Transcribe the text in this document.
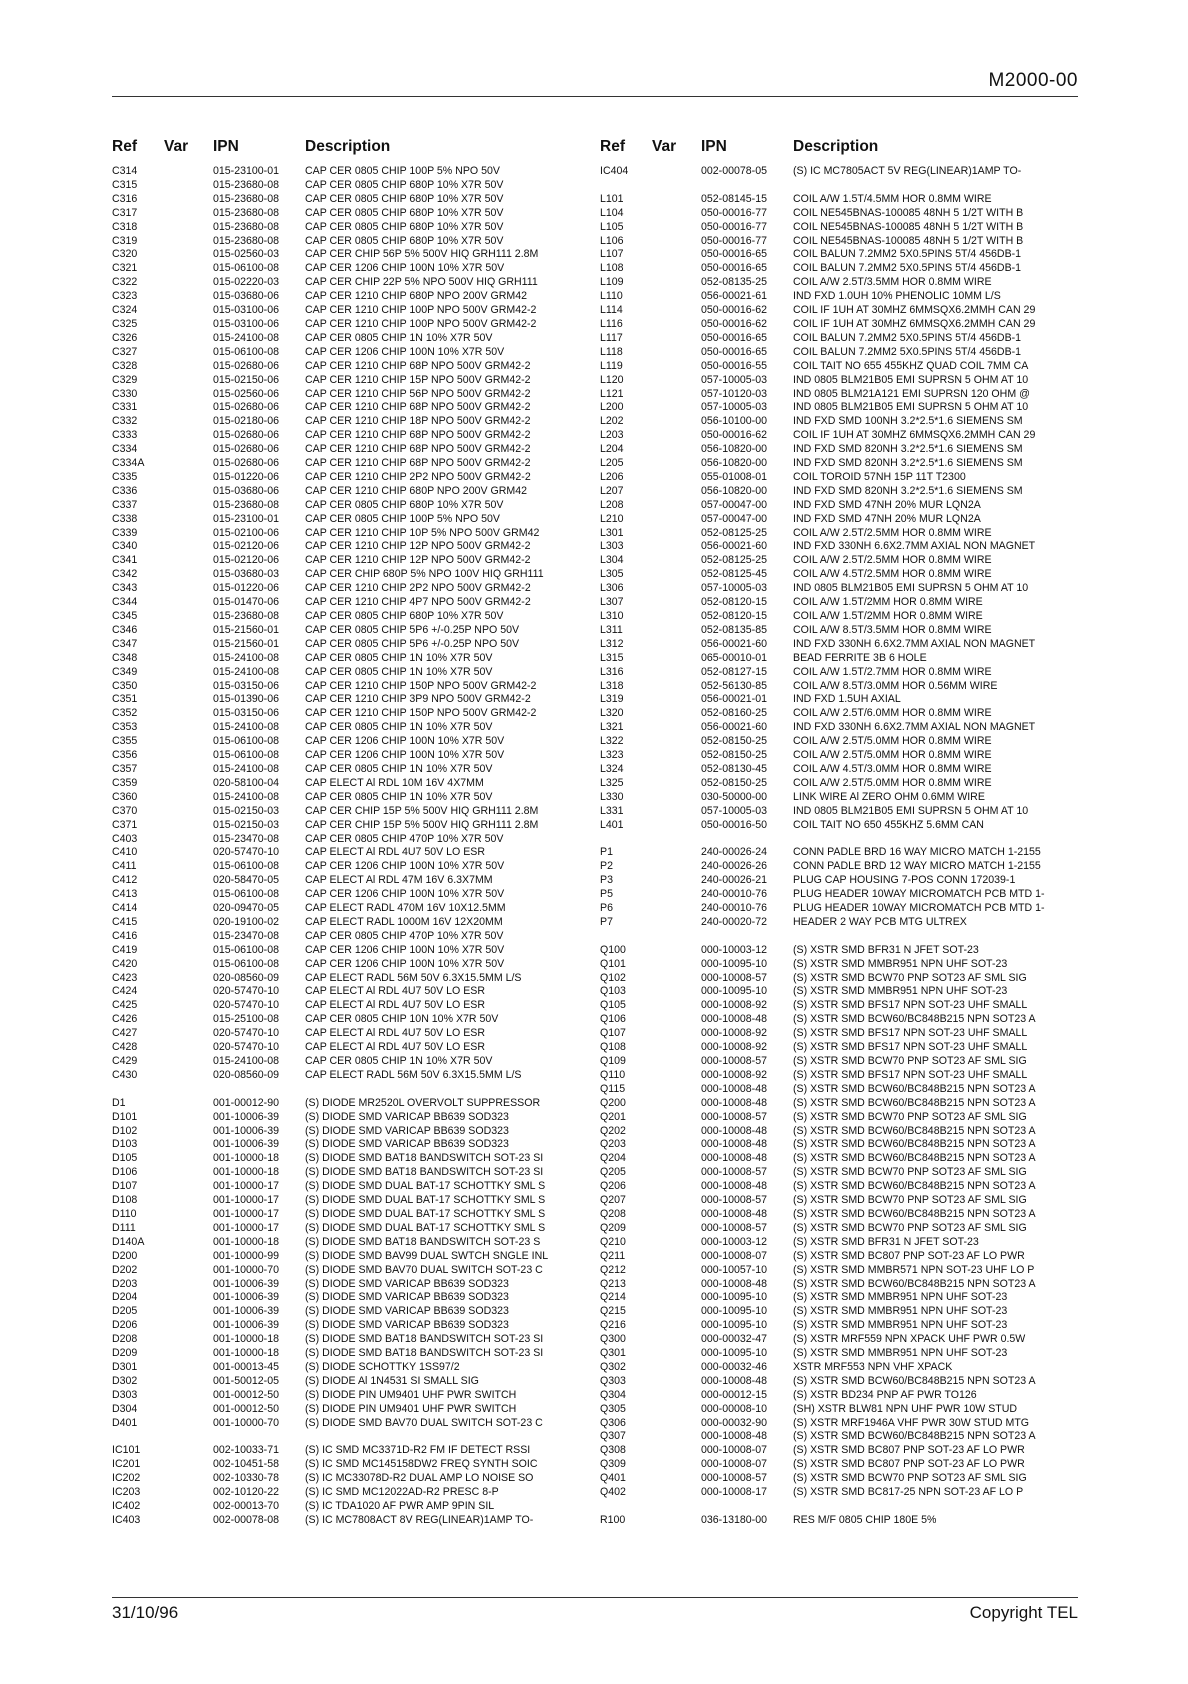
M2000-00
Ref Var IPN	Description	Ref Var IPN	Description
C314	015-23100-01	CAP CER 0805 CHIP 100P 5% NPO 50V
C315	015-23680-08	CAP CER 0805 CHIP 680P 10% X7R 50V
C316	015-23680-08	CAP CER 0805 CHIP 680P 10% X7R 50V
C317	015-23680-08	CAP CER 0805 CHIP 680P 10% X7R 50V
C318	015-23680-08	CAP CER 0805 CHIP 680P 10% X7R 50V
C319	015-23680-08	CAP CER 0805 CHIP 680P 10% X7R 50V
C320	015-02560-03	CAP CER CHIP 56P 5% 500V HIQ GRH111 2.8M
C321	015-06100-08	CAP CER 1206 CHIP 100N 10% X7R 50V
C322	015-02220-03	CAP CER CHIP 22P 5% NPO 500V HIQ GRH111
C323	015-03680-06	CAP CER 1210 CHIP 680P NPO 200V GRM42
C324	015-03100-06	CAP CER 1210 CHIP 100P NPO 500V GRM42-2
C325	015-03100-06	CAP CER 1210 CHIP 100P NPO 500V GRM42-2
C326	015-24100-08	CAP CER 0805 CHIP 1N 10% X7R 50V
C327	015-06100-08	CAP CER 1206 CHIP 100N 10% X7R 50V
C328	015-02680-06	CAP CER 1210 CHIP 68P NPO 500V GRM42-2
C329	015-02150-06	CAP CER 1210 CHIP 15P NPO 500V GRM42-2
C330	015-02560-06	CAP CER 1210 CHIP 56P NPO 500V GRM42-2
C331	015-02680-06	CAP CER 1210 CHIP 68P NPO 500V GRM42-2
C332	015-02180-06	CAP CER 1210 CHIP 18P NPO 500V GRM42-2
C333	015-02680-06	CAP CER 1210 CHIP 68P NPO 500V GRM42-2
C334	015-02680-06	CAP CER 1210 CHIP 68P NPO 500V GRM42-2
C334A	015-02680-06	CAP CER 1210 CHIP 68P NPO 500V GRM42-2
C335	015-01220-06	CAP CER 1210 CHIP 2P2 NPO 500V GRM42-2
C336	015-03680-06	CAP CER 1210 CHIP 680P NPO 200V GRM42
C337	015-23680-08	CAP CER 0805 CHIP 680P 10% X7R 50V
C338	015-23100-01	CAP CER 0805 CHIP 100P 5% NPO 50V
C339	015-02100-06	CAP CER 1210 CHIP 10P 5% NPO 500V GRM42
C340	015-02120-06	CAP CER 1210 CHIP 12P NPO 500V GRM42-2
C341	015-02120-06	CAP CER 1210 CHIP 12P NPO 500V GRM42-2
C342	015-03680-03	CAP CER CHIP 680P 5% NPO 100V HIQ GRH111
C343	015-01220-06	CAP CER 1210 CHIP 2P2 NPO 500V GRM42-2
C344	015-01470-06	CAP CER 1210 CHIP 4P7 NPO 500V GRM42-2
C345	015-23680-08	CAP CER 0805 CHIP 680P 10% X7R 50V
C346	015-21560-01	CAP CER 0805 CHIP 5P6 +/-0.25P NPO 50V
C347	015-21560-01	CAP CER 0805 CHIP 5P6 +/-0.25P NPO 50V
C348	015-24100-08	CAP CER 0805 CHIP 1N 10% X7R 50V
C349	015-24100-08	CAP CER 0805 CHIP 1N 10% X7R 50V
C350	015-03150-06	CAP CER 1210 CHIP 150P NPO 500V GRM42-2
C351	015-01390-06	CAP CER 1210 CHIP 3P9 NPO 500V GRM42-2
C352	015-03150-06	CAP CER 1210 CHIP 150P NPO 500V GRM42-2
C353	015-24100-08	CAP CER 0805 CHIP 1N 10% X7R 50V
C355	015-06100-08	CAP CER 1206 CHIP 100N 10% X7R 50V
C356	015-06100-08	CAP CER 1206 CHIP 100N 10% X7R 50V
C357	015-24100-08	CAP CER 0805 CHIP 1N 10% X7R 50V
C359	020-58100-04	CAP ELECT Al RDL 10M 16V 4X7MM
C360	015-24100-08	CAP CER 0805 CHIP 1N 10% X7R 50V
C370	015-02150-03	CAP CER CHIP 15P 5% 500V HIQ GRH111 2.8M
C371	015-02150-03	CAP CER CHIP 15P 5% 500V HIQ GRH111 2.8M
C403	015-23470-08	CAP CER 0805 CHIP 470P 10% X7R 50V
C410	020-57470-10	CAP ELECT Al RDL 4U7 50V LO ESR
C411	015-06100-08	CAP CER 1206 CHIP 100N 10% X7R 50V
C412	020-58470-05	CAP ELECT Al RDL 47M 16V 6.3X7MM
C413	015-06100-08	CAP CER 1206 CHIP 100N 10% X7R 50V
C414	020-09470-05	CAP ELECT RADL 470M 16V 10X12.5MM
C415	020-19100-02	CAP ELECT RADL 1000M 16V 12X20MM
C416	015-23470-08	CAP CER 0805 CHIP 470P 10% X7R 50V
C419	015-06100-08	CAP CER 1206 CHIP 100N 10% X7R 50V
C420	015-06100-08	CAP CER 1206 CHIP 100N 10% X7R 50V
C423	020-08560-09	CAP ELECT RADL 56M 50V 6.3X15.5MM L/S
C424	020-57470-10	CAP ELECT Al RDL 4U7 50V LO ESR
C425	020-57470-10	CAP ELECT Al RDL 4U7 50V LO ESR
C426	015-25100-08	CAP CER 0805 CHIP 10N 10% X7R 50V
C427	020-57470-10	CAP ELECT Al RDL 4U7 50V LO ESR
C428	020-57470-10	CAP ELECT Al RDL 4U7 50V LO ESR
C429	015-24100-08	CAP CER 0805 CHIP 1N 10% X7R 50V
C430	020-08560-09	CAP ELECT RADL 56M 50V 6.3X15.5MM L/S
D1	001-00012-90	(S) DIODE MR2520L OVERVOLT SUPPRESSOR
D101	001-10006-39	(S) DIODE SMD VARICAP BB639 SOD323
D102	001-10006-39	(S) DIODE SMD VARICAP BB639 SOD323
D103	001-10006-39	(S) DIODE SMD VARICAP BB639 SOD323
D105	001-10000-18	(S) DIODE SMD BAT18 BANDSWITCH SOT-23 SI
D106	001-10000-18	(S) DIODE SMD BAT18 BANDSWITCH SOT-23 SI
D107	001-10000-17	(S) DIODE SMD DUAL BAT-17 SCHOTTKY SML S
D108	001-10000-17	(S) DIODE SMD DUAL BAT-17 SCHOTTKY SML S
D110	001-10000-17	(S) DIODE SMD DUAL BAT-17 SCHOTTKY SML S
D111	001-10000-17	(S) DIODE SMD DUAL BAT-17 SCHOTTKY SML S
D140A	001-10000-18	(S) DIODE SMD BAT18 BANDSWITCH SOT-23 S
D200	001-10000-99	(S) DIODE SMD BAV99 DUAL SWTCH SNGLE INL
D202	001-10000-70	(S) DIODE SMD BAV70 DUAL SWITCH SOT-23 C
D203	001-10006-39	(S) DIODE SMD VARICAP BB639 SOD323
D204	001-10006-39	(S) DIODE SMD VARICAP BB639 SOD323
D205	001-10006-39	(S) DIODE SMD VARICAP BB639 SOD323
D206	001-10006-39	(S) DIODE SMD VARICAP BB639 SOD323
D208	001-10000-18	(S) DIODE SMD BAT18 BANDSWITCH SOT-23 SI
D209	001-10000-18	(S) DIODE SMD BAT18 BANDSWITCH SOT-23 SI
D301	001-00013-45	(S) DIODE SCHOTTKY 1SS97/2
D302	001-50012-05	(S) DIODE Al 1N4531 SI SMALL SIG
D303	001-00012-50	(S) DIODE PIN UM9401 UHF PWR SWITCH
D304	001-00012-50	(S) DIODE PIN UM9401 UHF PWR SWITCH
D401	001-10000-70	(S) DIODE SMD BAV70 DUAL SWITCH SOT-23 C
IC101	002-10033-71	(S) IC SMD MC3371D-R2 FM IF DETECT RSSI
IC201	002-10451-58	(S) IC SMD MC145158DW2 FREQ SYNTH SOIC
IC202	002-10330-78	(S) IC MC33078D-R2 DUAL AMP LO NOISE SO
IC203	002-10120-22	(S) IC SMD MC12022AD-R2 PRESC 8-P
IC402	002-00013-70	(S) IC TDA1020 AF PWR AMP 9PIN SIL
IC403	002-00078-08	(S) IC MC7808ACT 8V REG(LINEAR)1AMP TO-
IC404	002-00078-05	(S) IC MC7805ACT 5V REG(LINEAR)1AMP TO-
L101	052-08145-15	COIL A/W 1.5T/4.5MM HOR 0.8MM WIRE
L104	050-00016-77	COIL NE545BNAS-100085 48NH 5 1/2T WITH B
L105	050-00016-77	COIL NE545BNAS-100085 48NH 5 1/2T WITH B
L106	050-00016-77	COIL NE545BNAS-100085 48NH 5 1/2T WITH B
L107	050-00016-65	COIL BALUN 7.2MM2 5X0.5PINS 5T/4 456DB-1
L108	050-00016-65	COIL BALUN 7.2MM2 5X0.5PINS 5T/4 456DB-1
L109	052-08135-25	COIL A/W 2.5T/3.5MM HOR 0.8MM WIRE
L110	056-00021-61	IND FXD 1.0UH 10% PHENOLIC 10MM L/S
L114	050-00016-62	COIL IF 1UH AT 30MHZ 6MMSQX6.2MMH CAN 29
L116	050-00016-62	COIL IF 1UH AT 30MHZ 6MMSQX6.2MMH CAN 29
L117	050-00016-65	COIL BALUN 7.2MM2 5X0.5PINS 5T/4 456DB-1
L118	050-00016-65	COIL BALUN 7.2MM2 5X0.5PINS 5T/4 456DB-1
L119	050-00016-55	COIL TAIT NO 655 455KHZ QUAD COIL 7MM CA
L120	057-10005-03	IND 0805 BLM21B05 EMI SUPRSN 5 OHM AT 10
L121	057-10120-03	IND 0805 BLM21A121 EMI SUPRSN 120 OHM @
L200	057-10005-03	IND 0805 BLM21B05 EMI SUPRSN 5 OHM AT 10
L202	056-10100-00	IND FXD SMD 100NH 3.2*2.5*1.6 SIEMENS SM
L203	050-00016-62	COIL IF 1UH AT 30MHZ 6MMSQX6.2MMH CAN 29
L204	056-10820-00	IND FXD SMD 820NH 3.2*2.5*1.6 SIEMENS SM
L205	056-10820-00	IND FXD SMD 820NH 3.2*2.5*1.6 SIEMENS SM
L206	055-01008-01	COIL TOROID 57NH 15P 11T T2300
L207	056-10820-00	IND FXD SMD 820NH 3.2*2.5*1.6 SIEMENS SM
L208	057-00047-00	IND FXD SMD 47NH 20% MUR LQN2A
L210	057-00047-00	IND FXD SMD 47NH 20% MUR LQN2A
L301	052-08125-25	COIL A/W 2.5T/2.5MM HOR 0.8MM WIRE
L303	056-00021-60	IND FXD 330NH 6.6X2.7MM AXIAL NON MAGNET
L304	052-08125-25	COIL A/W 2.5T/2.5MM HOR 0.8MM WIRE
L305	052-08125-45	COIL A/W 4.5T/2.5MM HOR 0.8MM WIRE
L306	057-10005-03	IND 0805 BLM21B05 EMI SUPRSN 5 OHM AT 10
L307	052-08120-15	COIL A/W 1.5T/2MM HOR 0.8MM WIRE
L310	052-08120-15	COIL A/W 1.5T/2MM HOR 0.8MM WIRE
L311	052-08135-85	COIL A/W 8.5T/3.5MM HOR 0.8MM WIRE
L312	056-00021-60	IND FXD 330NH 6.6X2.7MM AXIAL NON MAGNET
L315	065-00010-01	BEAD FERRITE 3B 6 HOLE
L316	052-08127-15	COIL A/W 1.5T/2.7MM HOR 0.8MM WIRE
L318	052-56130-85	COIL A/W 8.5T/3.0MM HOR 0.56MM WIRE
L319	056-00021-01	IND FXD 1.5UH AXIAL
L320	052-08160-25	COIL A/W 2.5T/6.0MM HOR 0.8MM WIRE
L321	056-00021-60	IND FXD 330NH 6.6X2.7MM AXIAL NON MAGNET
L322	052-08150-25	COIL A/W 2.5T/5.0MM HOR 0.8MM WIRE
L323	052-08150-25	COIL A/W 2.5T/5.0MM HOR 0.8MM WIRE
L324	052-08130-45	COIL A/W 4.5T/3.0MM HOR 0.8MM WIRE
L325	052-08150-25	COIL A/W 2.5T/5.0MM HOR 0.8MM WIRE
L330	030-50000-00	LINK WIRE Al ZERO OHM 0.6MM WIRE
L331	057-10005-03	IND 0805 BLM21B05 EMI SUPRSN 5 OHM AT 10
L401	050-00016-50	COIL TAIT NO 650 455KHZ 5.6MM CAN
P1	240-00026-24	CONN PADLE BRD 16 WAY MICRO MATCH 1-2155
P2	240-00026-26	CONN PADLE BRD 12 WAY MICRO MATCH 1-2155
P3	240-00026-21	PLUG CAP HOUSING 7-POS CONN 172039-1
P5	240-00010-76	PLUG HEADER 10WAY MICROMATCH PCB MTD 1-
P6	240-00010-76	PLUG HEADER 10WAY MICROMATCH PCB MTD 1-
P7	240-00020-72	HEADER 2 WAY PCB MTG ULTREX
Q100	000-10003-12	(S) XSTR SMD BFR31 N JFET SOT-23
Q101	000-10095-10	(S) XSTR SMD MMBR951 NPN UHF SOT-23
Q102	000-10008-57	(S) XSTR SMD BCW70 PNP SOT23 AF SML SIG
Q103	000-10095-10	(S) XSTR SMD MMBR951 NPN UHF SOT-23
Q105	000-10008-92	(S) XSTR SMD BFS17 NPN SOT-23 UHF SMALL
Q106	000-10008-48	(S) XSTR SMD BCW60/BC848B215 NPN SOT23 A
Q107	000-10008-92	(S) XSTR SMD BFS17 NPN SOT-23 UHF SMALL
Q108	000-10008-92	(S) XSTR SMD BFS17 NPN SOT-23 UHF SMALL
Q109	000-10008-57	(S) XSTR SMD BCW70 PNP SOT23 AF SML SIG
Q110	000-10008-92	(S) XSTR SMD BFS17 NPN SOT-23 UHF SMALL
Q115	000-10008-48	(S) XSTR SMD BCW60/BC848B215 NPN SOT23 A
Q200	000-10008-48	(S) XSTR SMD BCW60/BC848B215 NPN SOT23 A
Q201	000-10008-57	(S) XSTR SMD BCW70 PNP SOT23 AF SML SIG
Q202	000-10008-48	(S) XSTR SMD BCW60/BC848B215 NPN SOT23 A
Q203	000-10008-48	(S) XSTR SMD BCW60/BC848B215 NPN SOT23 A
Q204	000-10008-48	(S) XSTR SMD BCW60/BC848B215 NPN SOT23 A
Q205	000-10008-57	(S) XSTR SMD BCW70 PNP SOT23 AF SML SIG
Q206	000-10008-48	(S) XSTR SMD BCW60/BC848B215 NPN SOT23 A
Q207	000-10008-57	(S) XSTR SMD BCW70 PNP SOT23 AF SML SIG
Q208	000-10008-48	(S) XSTR SMD BCW60/BC848B215 NPN SOT23 A
Q209	000-10008-57	(S) XSTR SMD BCW70 PNP SOT23 AF SML SIG
Q210	000-10003-12	(S) XSTR SMD BFR31 N JFET SOT-23
Q211	000-10008-07	(S) XSTR SMD BC807 PNP SOT-23 AF LO PWR
Q212	000-10057-10	(S) XSTR SMD MMBR571 NPN SOT-23 UHF LO P
Q213	000-10008-48	(S) XSTR SMD BCW60/BC848B215 NPN SOT23 A
Q214	000-10095-10	(S) XSTR SMD MMBR951 NPN UHF SOT-23
Q215	000-10095-10	(S) XSTR SMD MMBR951 NPN UHF SOT-23
Q216	000-10095-10	(S) XSTR SMD MMBR951 NPN UHF SOT-23
Q300	000-00032-47	(S) XSTR MRF559 NPN XPACK UHF PWR 0.5W
Q301	000-10095-10	(S) XSTR SMD MMBR951 NPN UHF SOT-23
Q302	000-00032-46	XSTR MRF553 NPN VHF XPACK
Q303	000-10008-48	(S) XSTR SMD BCW60/BC848B215 NPN SOT23 A
Q304	000-00012-15	(S) XSTR BD234 PNP AF PWR TO126
Q305	000-00008-10	(SH) XSTR BLW81 NPN UHF PWR 10W STUD
Q306	000-00032-90	(S) XSTR MRF1946A VHF PWR 30W STUD MTG
Q307	000-10008-48	(S) XSTR SMD BCW60/BC848B215 NPN SOT23 A
Q308	000-10008-07	(S) XSTR SMD BC807 PNP SOT-23 AF LO PWR
Q309	000-10008-07	(S) XSTR SMD BC807 PNP SOT-23 AF LO PWR
Q401	000-10008-57	(S) XSTR SMD BCW70 PNP SOT23 AF SML SIG
Q402	000-10008-17	(S) XSTR SMD BC817-25 NPN SOT-23 AF LO P
R100	036-13180-00	RES M/F 0805 CHIP 180E 5%
31/10/96	Copyright TEL
